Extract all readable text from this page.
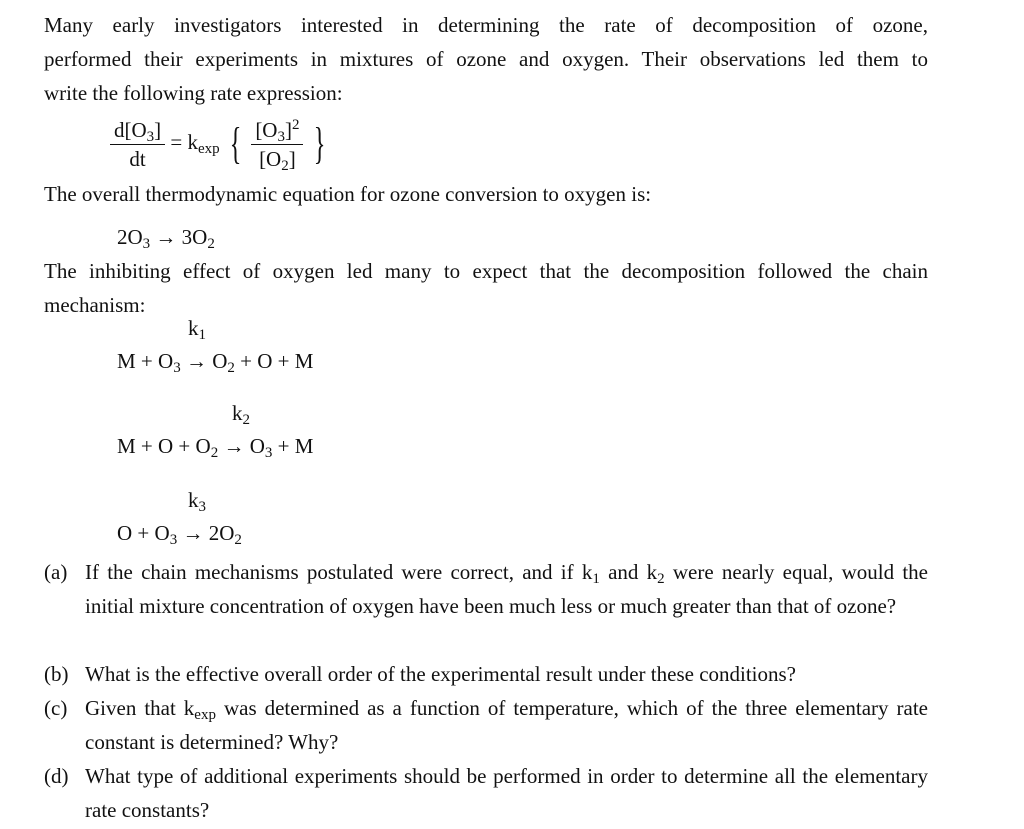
Many early investigators interested in determining the rate of decomposition of ozone,
performed their experiments in mixtures of ozone and oxygen. Their observations led them to
write the following rate expression:
$\frac{d[O_3]}{dt} = k_{exp}$ { $\frac{[O_3]^2}{[O_2]}$ }
The overall thermodynamic equation for ozone conversion to oxygen is:
$2O_3 \to 3O_2$
The inhibiting effect of oxygen led many to expect that the decomposition followed the chain
mechanism:
$k_1$
$M + O_3 \to O_2 + O + M$
$k_2$
$M + O + O_2 \to O_3 + M$
$k_3$
$O + O_3 \to 2O_2$
(a) If the chain mechanisms postulated were correct, and if $k_1$ and $k_2$ were nearly equal, would the initial mixture concentration of oxygen have been much less or much greater than that of ozone?
(b) What is the effective overall order of the experimental result under these conditions?
(c) Given that $k_{exp}$ was determined as a function of temperature, which of the three elementary rate constant is determined? Why?
(d) What type of additional experiments should be performed in order to determine all the elementary rate constants?
